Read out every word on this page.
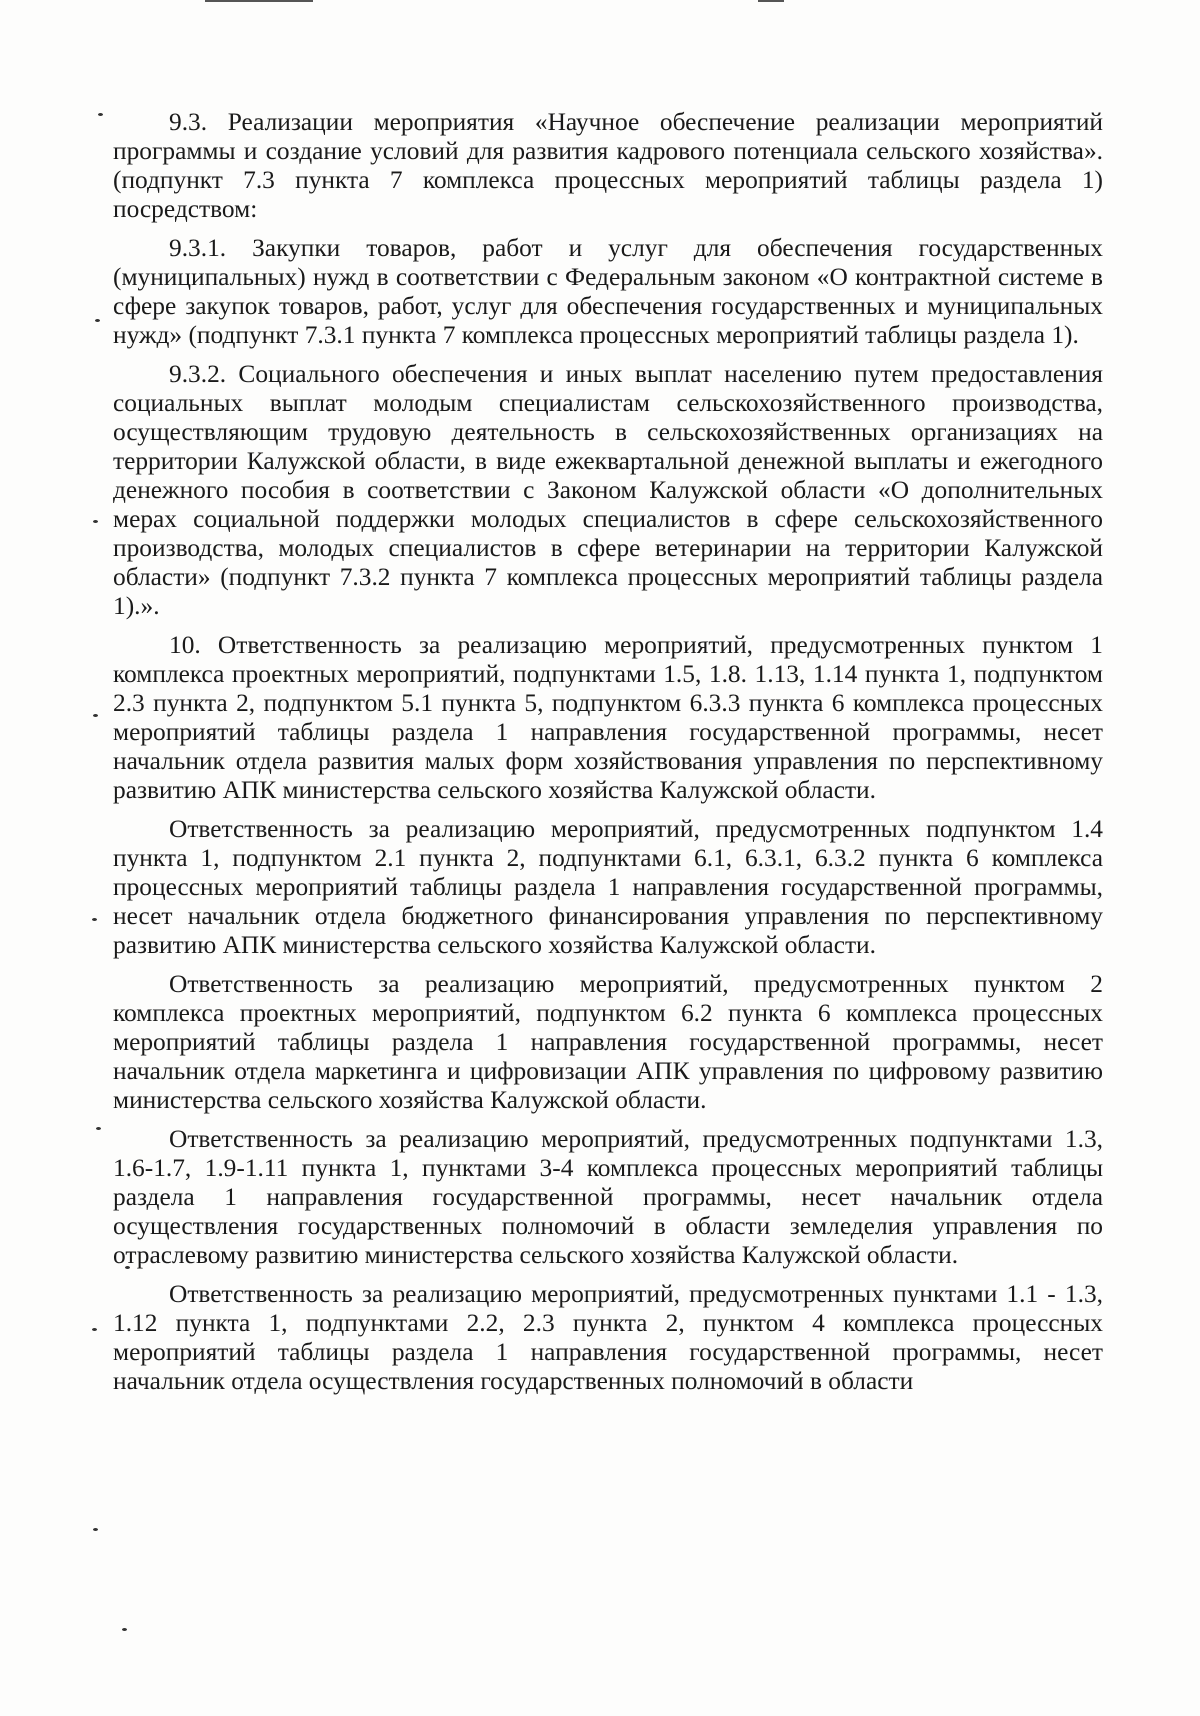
9.3. Реализации мероприятия «Научное обеспечение реализации мероприятий программы и создание условий для развития кадрового потенциала сельского хозяйства». (подпункт 7.3 пункта 7 комплекса процессных мероприятий таблицы раздела 1) посредством:

9.3.1. Закупки товаров, работ и услуг для обеспечения государственных (муниципальных) нужд в соответствии с Федеральным законом «О контрактной системе в сфере закупок товаров, работ, услуг для обеспечения государственных и муниципальных нужд» (подпункт 7.3.1 пункта 7 комплекса процессных мероприятий таблицы раздела 1).

9.3.2. Социального обеспечения и иных выплат населению путем предоставления социальных выплат молодым специалистам сельскохозяйственного производства, осуществляющим трудовую деятельность в сельскохозяйственных организациях на территории Калужской области, в виде ежеквартальной денежной выплаты и ежегодного денежного пособия в соответствии с Законом Калужской области «О дополнительных мерах социальной поддержки молодых специалистов в сфере сельскохозяйственного производства, молодых специалистов в сфере ветеринарии на территории Калужской области» (подпункт 7.3.2 пункта 7 комплекса процессных мероприятий таблицы раздела 1).».

10. Ответственность за реализацию мероприятий, предусмотренных пунктом 1 комплекса проектных мероприятий, подпунктами 1.5, 1.8. 1.13, 1.14 пункта 1, подпунктом 2.3 пункта 2, подпунктом 5.1 пункта 5, подпунктом 6.3.3 пункта 6 комплекса процессных мероприятий таблицы раздела 1 направления государственной программы, несет начальник отдела развития малых форм хозяйствования управления по перспективному развитию АПК министерства сельского хозяйства Калужской области.

Ответственность за реализацию мероприятий, предусмотренных подпунктом 1.4 пункта 1, подпунктом 2.1 пункта 2, подпунктами 6.1, 6.3.1, 6.3.2 пункта 6 комплекса процессных мероприятий таблицы раздела 1 направления государственной программы, несет начальник отдела бюджетного финансирования управления по перспективному развитию АПК министерства сельского хозяйства Калужской области.

Ответственность за реализацию мероприятий, предусмотренных пунктом 2 комплекса проектных мероприятий, подпунктом 6.2 пункта 6 комплекса процессных мероприятий таблицы раздела 1 направления государственной программы, несет начальник отдела маркетинга и цифровизации АПК управления по цифровому развитию министерства сельского хозяйства Калужской области.

Ответственность за реализацию мероприятий, предусмотренных подпунктами 1.3, 1.6-1.7, 1.9-1.11 пункта 1, пунктами 3-4 комплекса процессных мероприятий таблицы раздела 1 направления государственной программы, несет начальник отдела осуществления государственных полномочий в области земледелия управления по отраслевому развитию министерства сельского хозяйства Калужской области.

Ответственность за реализацию мероприятий, предусмотренных пунктами 1.1 - 1.3, 1.12 пункта 1, подпунктами 2.2, 2.3 пункта 2, пунктом 4 комплекса процессных мероприятий таблицы раздела 1 направления государственной программы, несет начальник отдела осуществления государственных полномочий в области
